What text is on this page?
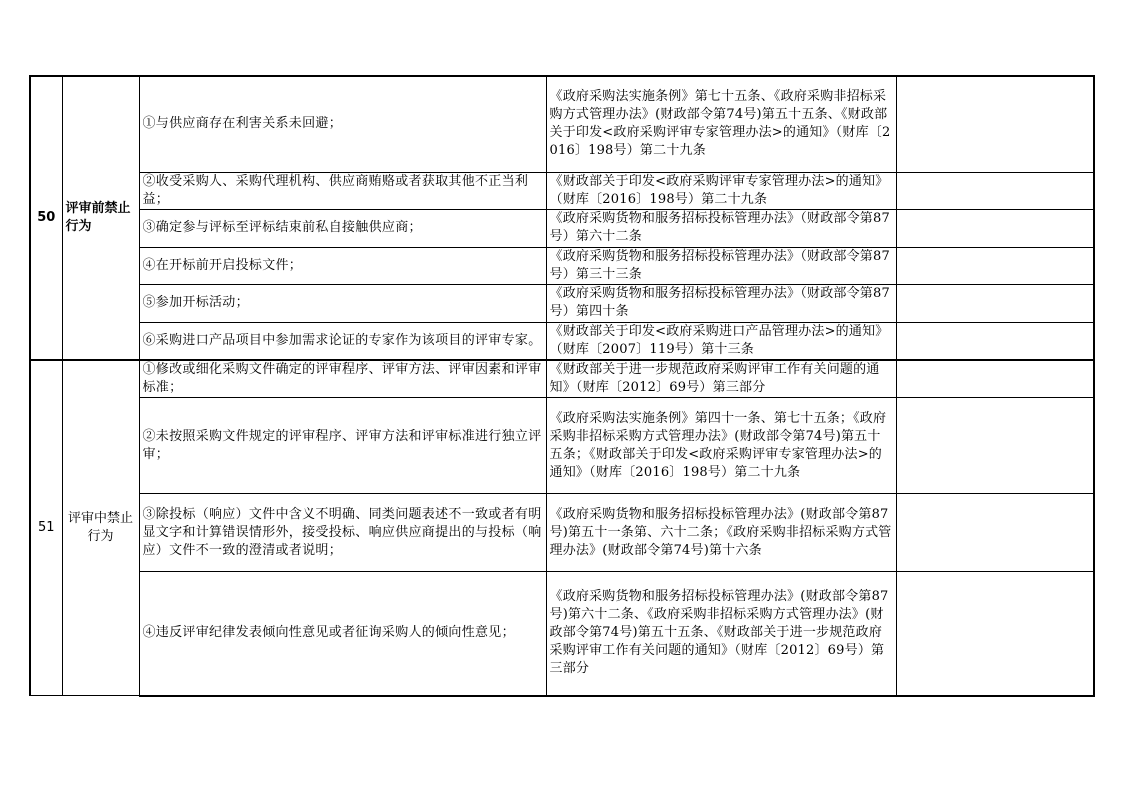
50	评审前禁止行为	①与供应商存在利害关系未回避；	《政府采购法实施条例》第七十五条、《政府采购非招标采购方式管理办法》(财政部令第74号)第五十五条、《财政部关于印发<政府采购评审专家管理办法>的通知》（财库〔2016〕198号）第二十九条	

		②收受采购人、采购代理机构、供应商贿赂或者获取其他不正当利益；	《财政部关于印发<政府采购评审专家管理办法>的通知》（财库〔2016〕198号）第二十九条	

		③确定参与评标至评标结束前私自接触供应商；	《政府采购货物和服务招标投标管理办法》（财政部令第87号）第六十二条	

		④在开标前开启投标文件；	《政府采购货物和服务招标投标管理办法》（财政部令第87号）第三十三条	

		⑤参加开标活动；	《政府采购货物和服务招标投标管理办法》（财政部令第87号）第四十条	

		⑥采购进口产品项目中参加需求论证的专家作为该项目的评审专家。	《财政部关于印发<政府采购进口产品管理办法>的通知》（财库〔2007〕119号）第十三条	

51	评审中禁止行为	①修改或细化采购文件确定的评审程序、评审方法、评审因素和评审标准；	《财政部关于进一步规范政府采购评审工作有关问题的通知》（财库〔2012〕69号）第三部分	

		②未按照采购文件规定的评审程序、评审方法和评审标准进行独立评审；	《政府采购法实施条例》第四十一条、第七十五条；《政府采购非招标采购方式管理办法》(财政部令第74号)第五十五条；《财政部关于印发<政府采购评审专家管理办法>的通知》（财库〔2016〕198号）第二十九条	

		③除投标（响应）文件中含义不明确、同类问题表述不一致或者有明显文字和计算错误情形外，接受投标、响应供应商提出的与投标（响应）文件不一致的澄清或者说明；	《政府采购货物和服务招标投标管理办法》(财政部令第87号)第五十一条第、六十二条；《政府采购非招标采购方式管理办法》(财政部令第74号)第十六条	

		④违反评审纪律发表倾向性意见或者征询采购人的倾向性意见；	《政府采购货物和服务招标投标管理办法》(财政部令第87号)第六十二条、《政府采购非招标采购方式管理办法》(财政部令第74号)第五十五条、《财政部关于进一步规范政府采购评审工作有关问题的通知》（财库〔2012〕69号）第三部分	
